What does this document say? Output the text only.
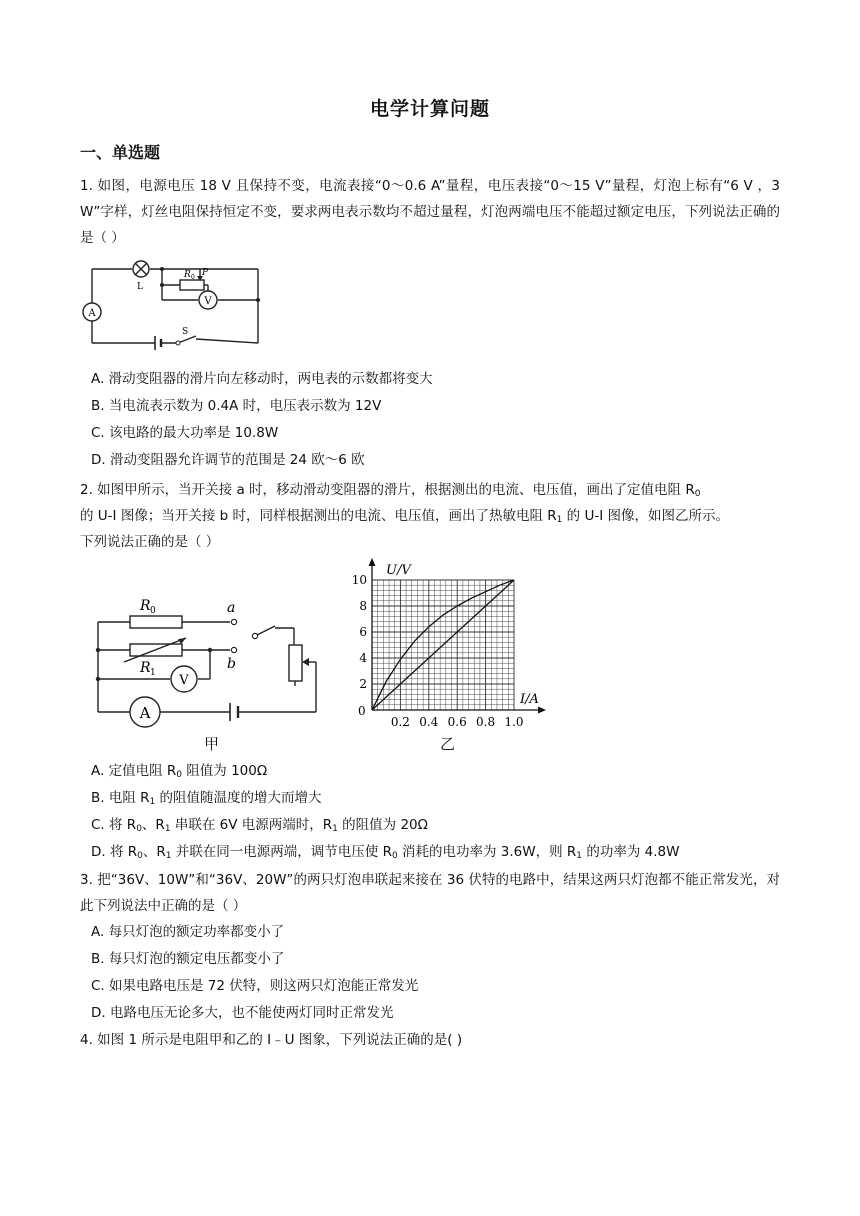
电学计算问题
一、单选题
1. 如图，电源电压 18 V 且保持不变，电流表接“0～0.6 A”量程，电压表接“0～15 V”量程，灯泡上标有“6 V ，3 W”字样，灯丝电阻保持恒定不变，要求两电表示数均不超过量程，灯泡两端电压不能超过额定电压，下列说法正确的是（ ）
A
L
R 0 P
V
S
A. 滑动变阻器的滑片向左移动时，两电表的示数都将变大
B. 当电流表示数为 0.4A 时，电压表示数为 12V
C. 该电路的最大功率是 10.8W
D. 滑动变阻器允许调节的范围是 24 欧～6 欧
2. 如图甲所示，当开关接 a 时，移动滑动变阻器的滑片，根据测出的电流、电压值，画出了定值电阻 $R_0$
的 U-I 图像；当开关接 b 时，同样根据测出的电流、电压值，画出了热敏电阻 $R_1$ 的 U-I 图像，如图乙所示。
下列说法正确的是（ ）
R 0
R 1
a
b
V
A
甲
0.2 0.4 0.6 0.8 1.0
2
4
6
8
10
U/V
I/A
0
乙
A. 定值电阻 $R_0$ 阻值为 100Ω
B. 电阻 $R_1$ 的阻值随温度的增大而增大
C. 将 $R_0$、$R_1$ 串联在 6V 电源两端时，$R_1$ 的阻值为 20Ω
D. 将 $R_0$、$R_1$ 并联在同一电源两端，调节电压使 $R_0$ 消耗的电功率为 3.6W，则 $R_1$ 的功率为 4.8W
3. 把“36V、10W”和“36V、20W”的两只灯泡串联起来接在 36 伏特的电路中，结果这两只灯泡都不能正常发光，对此下列说法中正确的是（ ）
A. 每只灯泡的额定功率都变小了
B. 每只灯泡的额定电压都变小了
C. 如果电路电压是 72 伏特，则这两只灯泡能正常发光
D. 电路电压无论多大，也不能使两灯同时正常发光
4. 如图 1 所示是电阻甲和乙的 I﹣U 图象，下列说法正确的是( )
